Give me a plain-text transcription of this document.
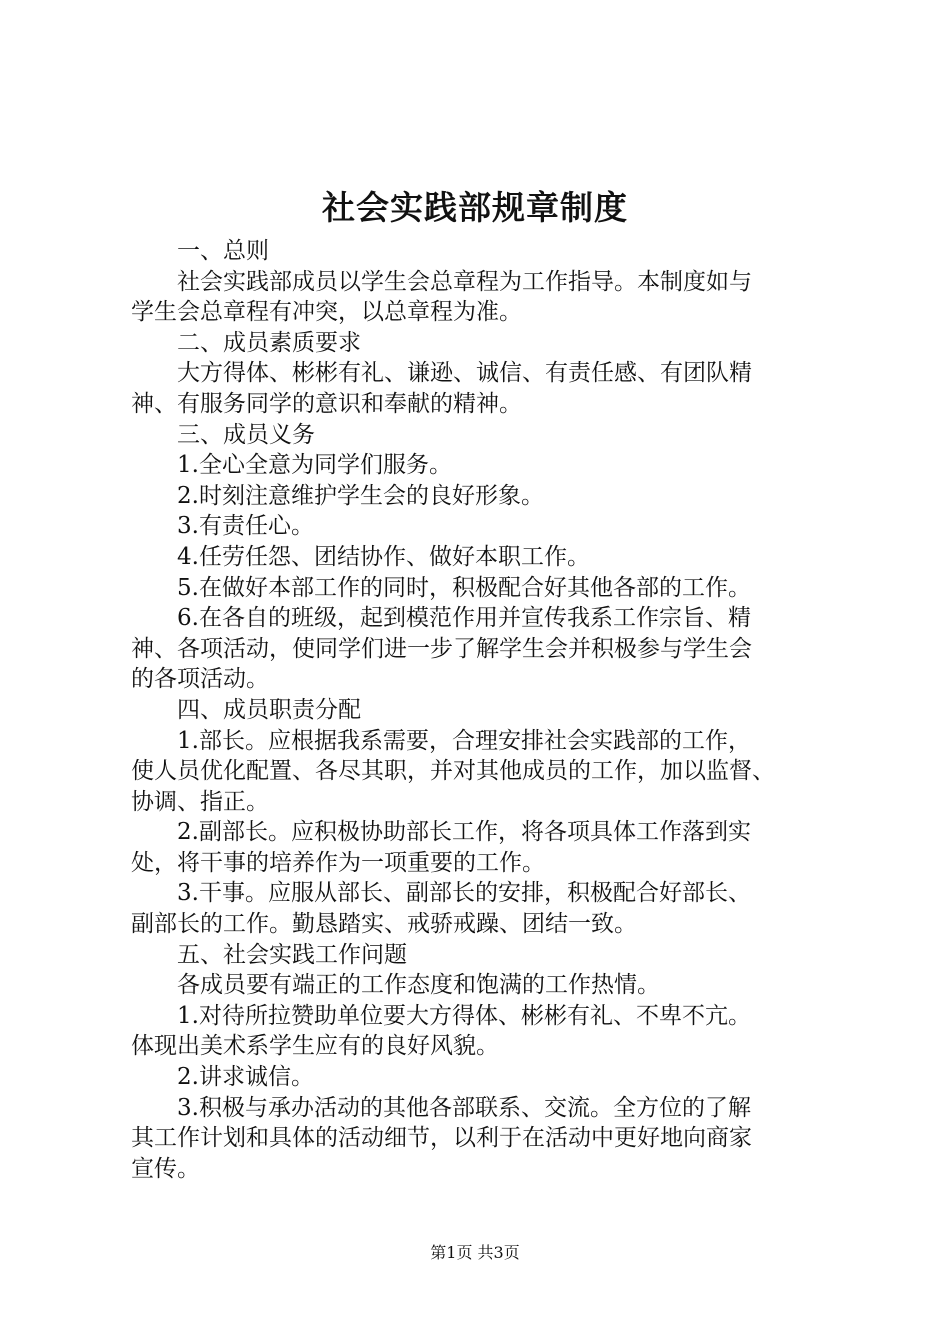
社会实践部规章制度

一、总则

社会实践部成员以学生会总章程为工作指导。本制度如与

学生会总章程有冲突，以总章程为准。

二、成员素质要求

大方得体、彬彬有礼、谦逊、诚信、有责任感、有团队精

神、有服务同学的意识和奉献的精神。

三、成员义务

1.全心全意为同学们服务。

2.时刻注意维护学生会的良好形象。

3.有责任心。

4.任劳任怨、团结协作、做好本职工作。

5.在做好本部工作的同时，积极配合好其他各部的工作。

6.在各自的班级，起到模范作用并宣传我系工作宗旨、精

神、各项活动，使同学们进一步了解学生会并积极参与学生会

的各项活动。

四、成员职责分配

1.部长。应根据我系需要，合理安排社会实践部的工作，

使人员优化配置、各尽其职，并对其他成员的工作，加以监督、

协调、指正。

2.副部长。应积极协助部长工作，将各项具体工作落到实

处，将干事的培养作为一项重要的工作。

3.干事。应服从部长、副部长的安排，积极配合好部长、

副部长的工作。勤恳踏实、戒骄戒躁、团结一致。

五、社会实践工作问题

各成员要有端正的工作态度和饱满的工作热情。

1.对待所拉赞助单位要大方得体、彬彬有礼、不卑不亢。

体现出美术系学生应有的良好风貌。

2.讲求诚信。

3.积极与承办活动的其他各部联系、交流。全方位的了解

其工作计划和具体的活动细节，以利于在活动中更好地向商家

宣传。

第1页 共3页
